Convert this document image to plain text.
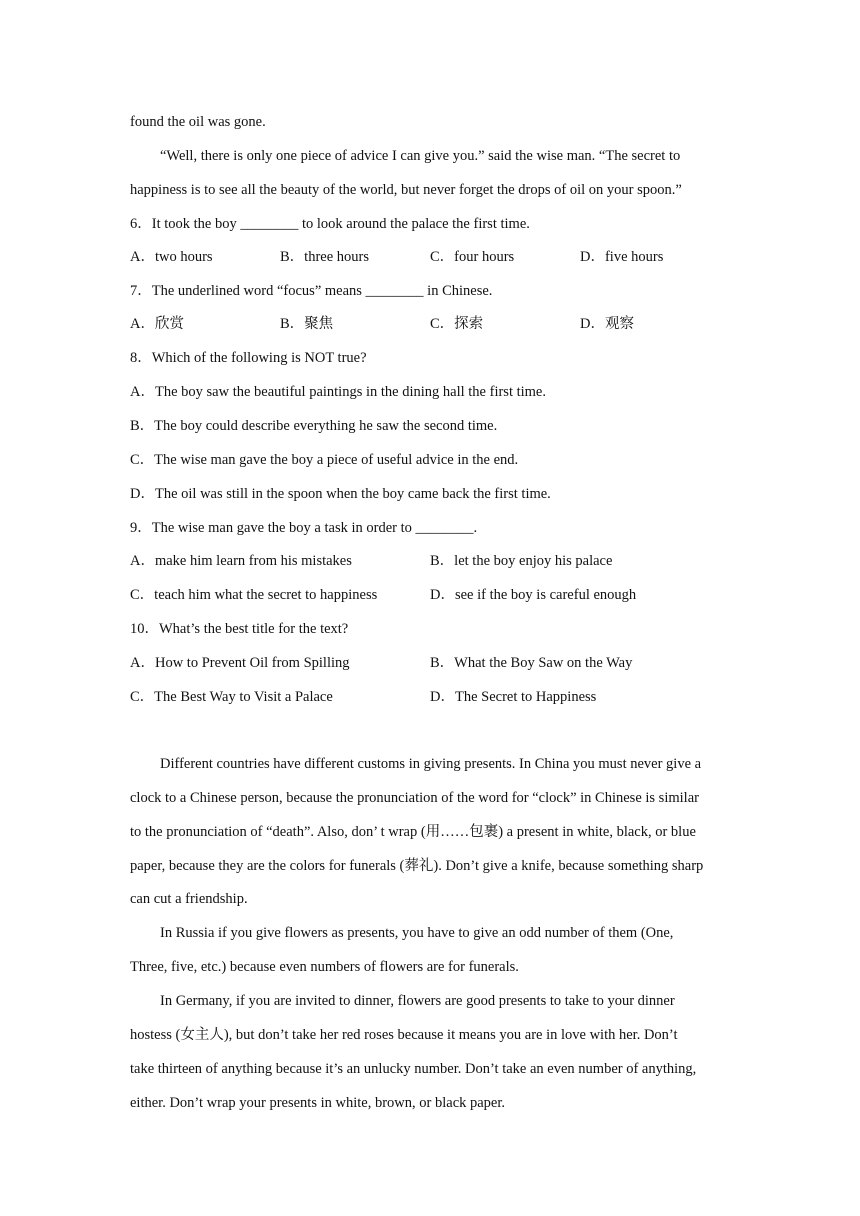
found the oil was gone.
“Well, there is only one piece of advice I can give you.” said the wise man. “The secret to
happiness is to see all the beauty of the world, but never forget the drops of oil on your spoon.”
6．It took the boy ________ to look around the palace the first time.
A．two hours	B．three hours	C．four hours	D．five hours
7．The underlined word “focus” means ________ in Chinese.
A．欣赏	B．聚焦	C．探索	D．观察
8．Which of the following is NOT true?
A．The boy saw the beautiful paintings in the dining hall the first time.
B．The boy could describe everything he saw the second time.
C．The wise man gave the boy a piece of useful advice in the end.
D．The oil was still in the spoon when the boy came back the first time.
9．The wise man gave the boy a task in order to ________.
A．make him learn from his mistakes	B．let the boy enjoy his palace
C．teach him what the secret to happiness	D．see if the boy is careful enough
10．What’s the best title for the text?
A．How to Prevent Oil from Spilling	B．What the Boy Saw on the Way
C．The Best Way to Visit a Palace	D．The Secret to Happiness
Different countries have different customs in giving presents. In China you must never give a
clock to a Chinese person, because the pronunciation of the word for “clock” in Chinese is similar
to the pronunciation of “death”. Also, don’ t wrap (用……包裹) a present in white, black, or blue
paper, because they are the colors for funerals (葬礼). Don’t give a knife, because something sharp
can cut a friendship.
In Russia if you give flowers as presents, you have to give an odd number of them (One,
Three, five, etc.) because even numbers of flowers are for funerals.
In Germany, if you are invited to dinner, flowers are good presents to take to your dinner
hostess (女主人), but don’t take her red roses because it means you are in love with her. Don’t
take thirteen of anything because it’s an unlucky number. Don’t take an even number of anything,
either. Don’t wrap your presents in white, brown, or black paper.
